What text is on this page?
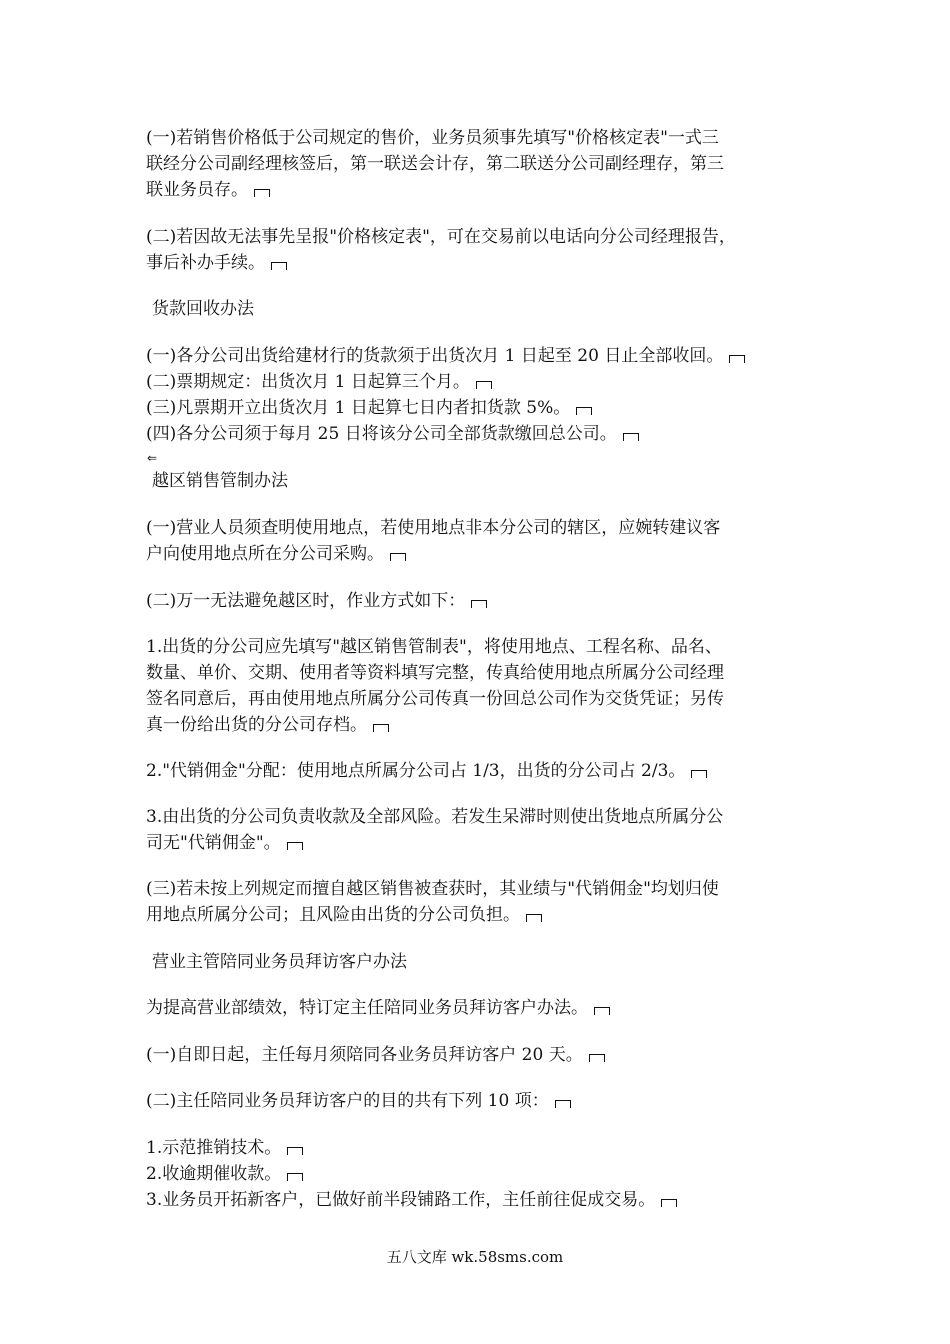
(一)若销售价格低于公司规定的售价，业务员须事先填写"价格核定表"一式三
联经分公司副经理核签后，第一联送会计存，第二联送分公司副经理存，第三
联业务员存。
(二)若因故无法事先呈报"价格核定表"，可在交易前以电话向分公司经理报告，
事后补办手续。
货款回收办法
(一)各分公司出货给建材行的货款须于出货次月 1 日起至 20 日止全部收回。
(二)票期规定：出货次月 1 日起算三个月。
(三)凡票期开立出货次月 1 日起算七日内者扣货款 5%。
(四)各分公司须于每月 25 日将该分公司全部货款缴回总公司。
⇐
越区销售管制办法
(一)营业人员须查明使用地点，若使用地点非本分公司的辖区，应婉转建议客
户向使用地点所在分公司采购。
(二)万一无法避免越区时，作业方式如下：
1.出货的分公司应先填写"越区销售管制表"，将使用地点、工程名称、品名、
数量、单价、交期、使用者等资料填写完整，传真给使用地点所属分公司经理
签名同意后，再由使用地点所属分公司传真一份回总公司作为交货凭证；另传
真一份给出货的分公司存档。
2."代销佣金"分配：使用地点所属分公司占 1/3，出货的分公司占 2/3。
3.由出货的分公司负责收款及全部风险。若发生呆滞时则使出货地点所属分公
司无"代销佣金"。
(三)若未按上列规定而擅自越区销售被查获时，其业绩与"代销佣金"均划归使
用地点所属分公司；且风险由出货的分公司负担。
营业主管陪同业务员拜访客户办法
为提高营业部绩效，特订定主任陪同业务员拜访客户办法。
(一)自即日起，主任每月须陪同各业务员拜访客户 20 天。
(二)主任陪同业务员拜访客户的目的共有下列 10 项：
1.示范推销技术。
2.收逾期催收款。
3.业务员开拓新客户，已做好前半段铺路工作，主任前往促成交易。
五八文库 wk.58sms.com
